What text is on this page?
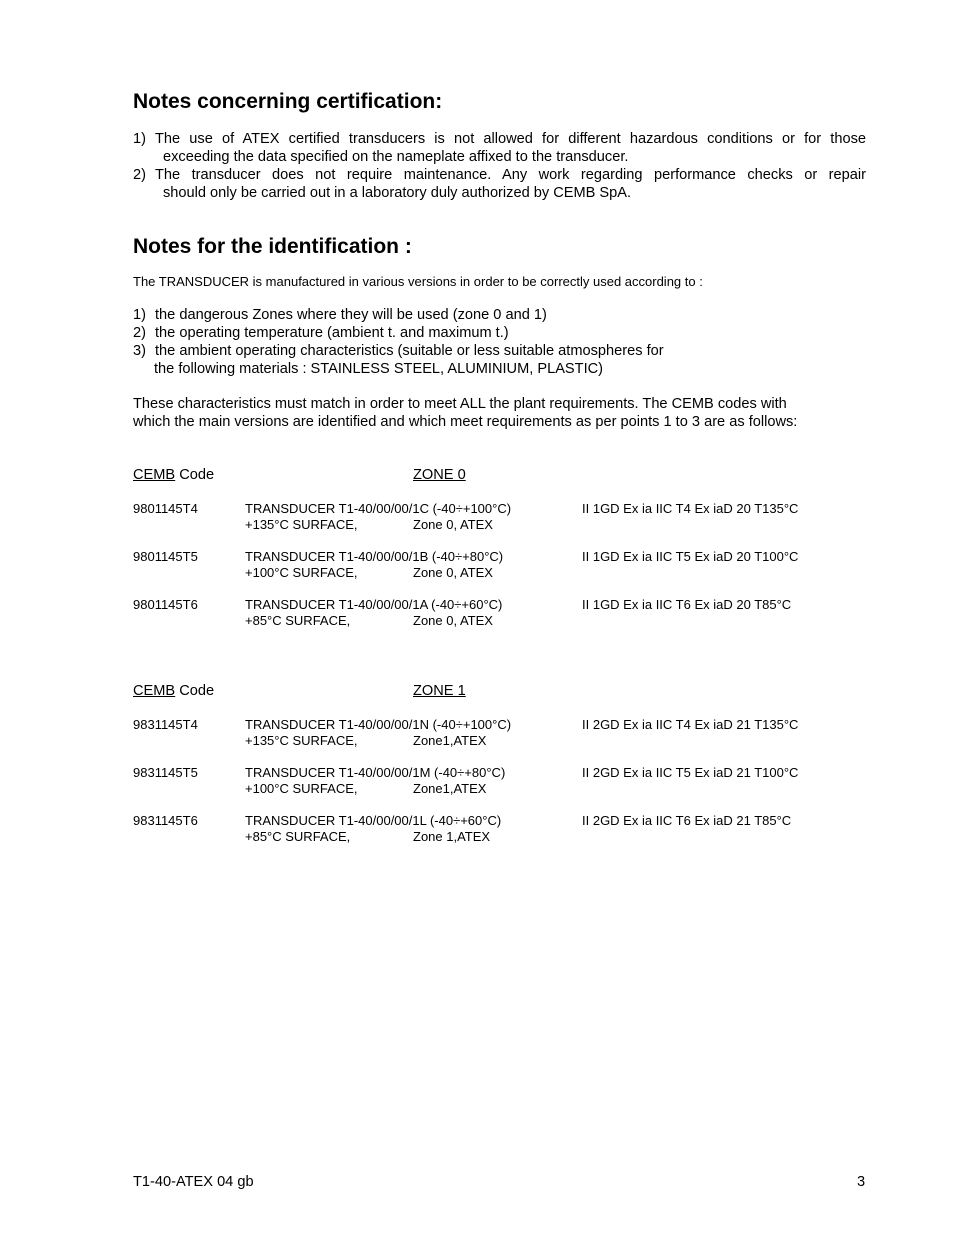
Notes concerning certification:
1) The use of ATEX certified transducers is not allowed for different hazardous conditions or for those
exceeding the data specified on the nameplate affixed to the transducer.
2) The transducer does not require maintenance. Any work regarding performance checks or repair
should only be carried out in a laboratory duly authorized by CEMB SpA.
Notes for the identification :
The TRANSDUCER is manufactured in various versions in order to be correctly used according to :
1) the dangerous Zones where they will be used (zone 0 and 1)
2) the operating temperature (ambient t. and maximum t.)
3) the ambient operating characteristics (suitable or less suitable atmospheres for
the following materials : STAINLESS STEEL, ALUMINIUM, PLASTIC)
These characteristics must match in order to meet ALL the plant requirements. The CEMB codes with
which the main versions are identified and which meet requirements as per points 1 to 3 are as follows:
CEMB Code	ZONE 0
9801145T4	TRANSDUCER T1-40/00/00/1C (-40÷+100°C)	II 1GD Ex ia IIC T4 Ex iaD 20 T135°C
+135°C SURFACE,	Zone 0, ATEX
9801145T5	TRANSDUCER T1-40/00/00/1B (-40÷+80°C)	II 1GD Ex ia IIC T5 Ex iaD 20 T100°C
+100°C SURFACE,	Zone 0, ATEX
9801145T6	TRANSDUCER T1-40/00/00/1A (-40÷+60°C)	II 1GD Ex ia IIC T6 Ex iaD 20 T85°C
+85°C SURFACE,	Zone 0, ATEX
CEMB Code	ZONE 1
9831145T4	TRANSDUCER T1-40/00/00/1N (-40÷+100°C)	II 2GD Ex ia IIC T4 Ex iaD 21 T135°C
+135°C SURFACE,	Zone1,ATEX
9831145T5	TRANSDUCER T1-40/00/00/1M (-40÷+80°C)	II 2GD Ex ia IIC T5 Ex iaD 21 T100°C
+100°C SURFACE,	Zone1,ATEX
9831145T6	TRANSDUCER T1-40/00/00/1L (-40÷+60°C)	II 2GD Ex ia IIC T6 Ex iaD 21 T85°C
+85°C SURFACE,	Zone 1,ATEX
T1-40-ATEX 04 gb	3
